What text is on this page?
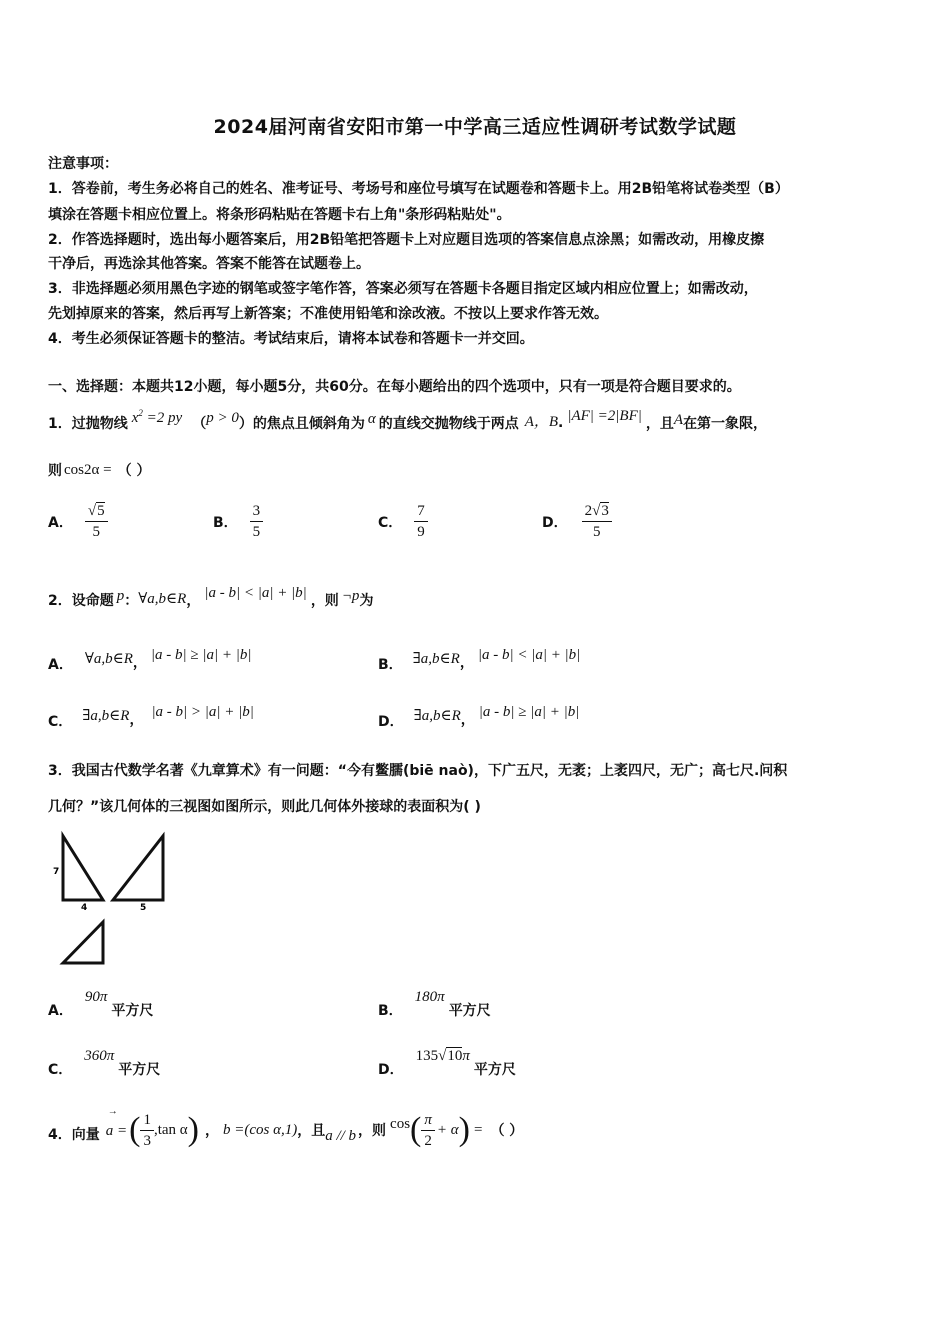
2024届河南省安阳市第一中学高三适应性调研考试数学试题
注意事项：
1．答卷前，考生务必将自己的姓名、准考证号、考场号和座位号填写在试题卷和答题卡上。用2B铅笔将试卷类型（B）
填涂在答题卡相应位置上。将条形码粘贴在答题卡右上角"条形码粘贴处"。
2．作答选择题时，选出每小题答案后，用2B铅笔把答题卡上对应题目选项的答案信息点涂黑；如需改动，用橡皮擦
干净后，再选涂其他答案。答案不能答在试题卷上。
3．非选择题必须用黑色字迹的钢笔或签字笔作答，答案必须写在答题卡各题目指定区域内相应位置上；如需改动，
先划掉原来的答案，然后再写上新答案；不准使用铅笔和涂改液。不按以上要求作答无效。
4．考生必须保证答题卡的整洁。考试结束后，请将本试卷和答题卡一并交回。
一、选择题：本题共12小题，每小题5分，共60分。在每小题给出的四个选项中，只有一项是符合题目要求的。
1．过抛物线 $x^2 =2$ py （ p > 0 ）的焦点且倾斜角为 α 的直线交抛物线于两点 A，B . |AF| =2|BF|
，且 A 在第一象限，
则 cos2α = （ ）
A． $\frac{√5}{5}$	B． $\frac{3}{5}$	C． $\frac{7}{9}$	D． $\frac{2√3}{5}$
2．设命题 p ： ∀a,b∈R ，
|a - b| < |a| + |b|
，则 ¬p 为
A． ∀a,b∈R ，
|a - b| ≥ |a| + |b|
B． ∃a,b∈R ，
|a - b| < |a| + |b|
C． ∃a,b∈R ，
|a - b| > |a| + |b|
D． ∃a,b∈R ，
|a - b| ≥ |a| + |b|
3．我国古代数学名著《九章算术》有一问题：“今有鳖臑(biē naò)，下广五尺，无袤；上袤四尺，无广；高七尺.问积
几何？”该几何体的三视图如图所示，则此几何体外接球的表面积为( )
7
4	5
A．
90π
平方尺	B．
180π
平方尺
C．
360π
平方尺	D．
135√10π
平方尺
4．向量
→
a = ( $\frac{1}{3} ,\tan$ α ) ， b =(cos α,1) ，且 a // b ，则 cos ( $\frac{\pi}{2} + \alpha$ ) = （ ）
